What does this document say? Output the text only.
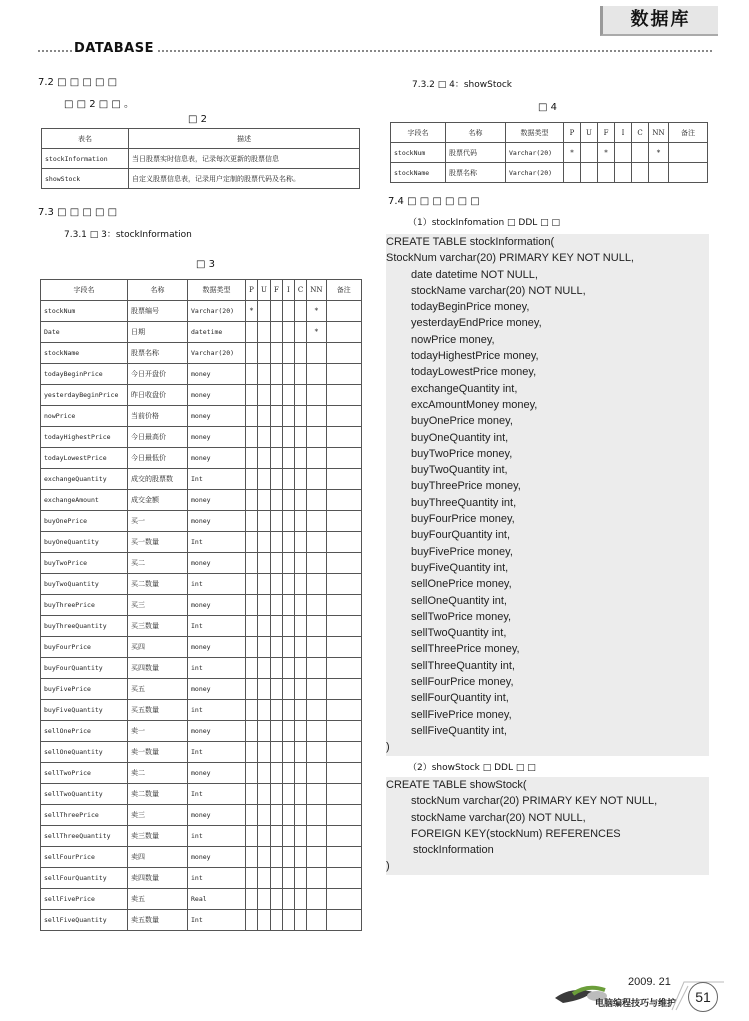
数据库
DATABASE
7.2 □ □ □ □ □
□ □ 2 □ □ 。
□ 2
表名	描述
stockInformation	当日股票实时信息表，记录每次更新的股票信息
showStock	自定义股票信息表，记录用户定制的股票代码及名称。
7.3 □ □ □ □ □
7.3.1 □ 3：stockInformation
□ 3
字段名	名称	数据类型	P	U	F	I	C	NN	备注
stockNum	股票编号	Varchar(20)	*					*	
Date	日期	datetime						*	
stockName	股票名称	Varchar(20)							
todayBeginPrice	今日开盘价	money							
yesterdayBeginPrice	昨日收盘价	money							
nowPrice	当前价格	money							
todayHighestPrice	今日最高价	money							
todayLowestPrice	今日最低价	money							
exchangeQuantity	成交的股票数	Int							
exchangeAmount	成交金额	money							
buyOnePrice	买一	money							
buyOneQuantity	买一数量	Int							
buyTwoPrice	买二	money							
buyTwoQuantity	买二数量	int							
buyThreePrice	买三	money							
buyThreeQuantity	买三数量	Int							
buyFourPrice	买四	money							
buyFourQuantity	买四数量	int							
buyFivePrice	买五	money							
buyFiveQuantity	买五数量	int							
sellOnePrice	卖一	money							
sellOneQuantity	卖一数量	Int							
sellTwoPrice	卖二	money							
sellTwoQuantity	卖二数量	Int							
sellThreePrice	卖三	money							
sellThreeQuantity	卖三数量	int							
sellFourPrice	卖四	money							
sellFourQuantity	卖四数量	int							
sellFivePrice	卖五	Real							
sellFiveQuantity	卖五数量	Int							
7.3.2 □ 4：showStock
□ 4
字段名	名称	数据类型	P	U	F	I	C	NN	备注
stockNum	股票代码	Varchar(20)	*		*			*	
stockName	股票名称	Varchar(20)							
7.4 □ □ □ □ □ □
（1）stockInfomation □ DDL □ □
CREATE TABLE stockInformation(
StockNum varchar(20) PRIMARY KEY NOT NULL,
date datetime NOT NULL,
stockName varchar(20) NOT NULL,
todayBeginPrice money,
yesterdayEndPrice money,
nowPrice money,
todayHighestPrice money,
todayLowestPrice money,
exchangeQuantity int,
excAmountMoney money,
buyOnePrice money,
buyOneQuantity int,
buyTwoPrice money,
buyTwoQuantity int,
buyThreePrice money,
buyThreeQuantity int,
buyFourPrice money,
buyFourQuantity int,
buyFivePrice money,
buyFiveQuantity int,
sellOnePrice money,
sellOneQuantity int,
sellTwoPrice money,
sellTwoQuantity int,
sellThreePrice money,
sellThreeQuantity int,
sellFourPrice money,
sellFourQuantity int,
sellFivePrice money,
sellFiveQuantity int,
)
（2）showStock □ DDL □ □
CREATE TABLE showStock(
stockNum varchar(20) PRIMARY KEY NOT NULL,
stockName varchar(20) NOT NULL,
FOREIGN KEY(stockNum) REFERENCES
stockInformation
)
2009. 21
电脑编程技巧与维护	51
